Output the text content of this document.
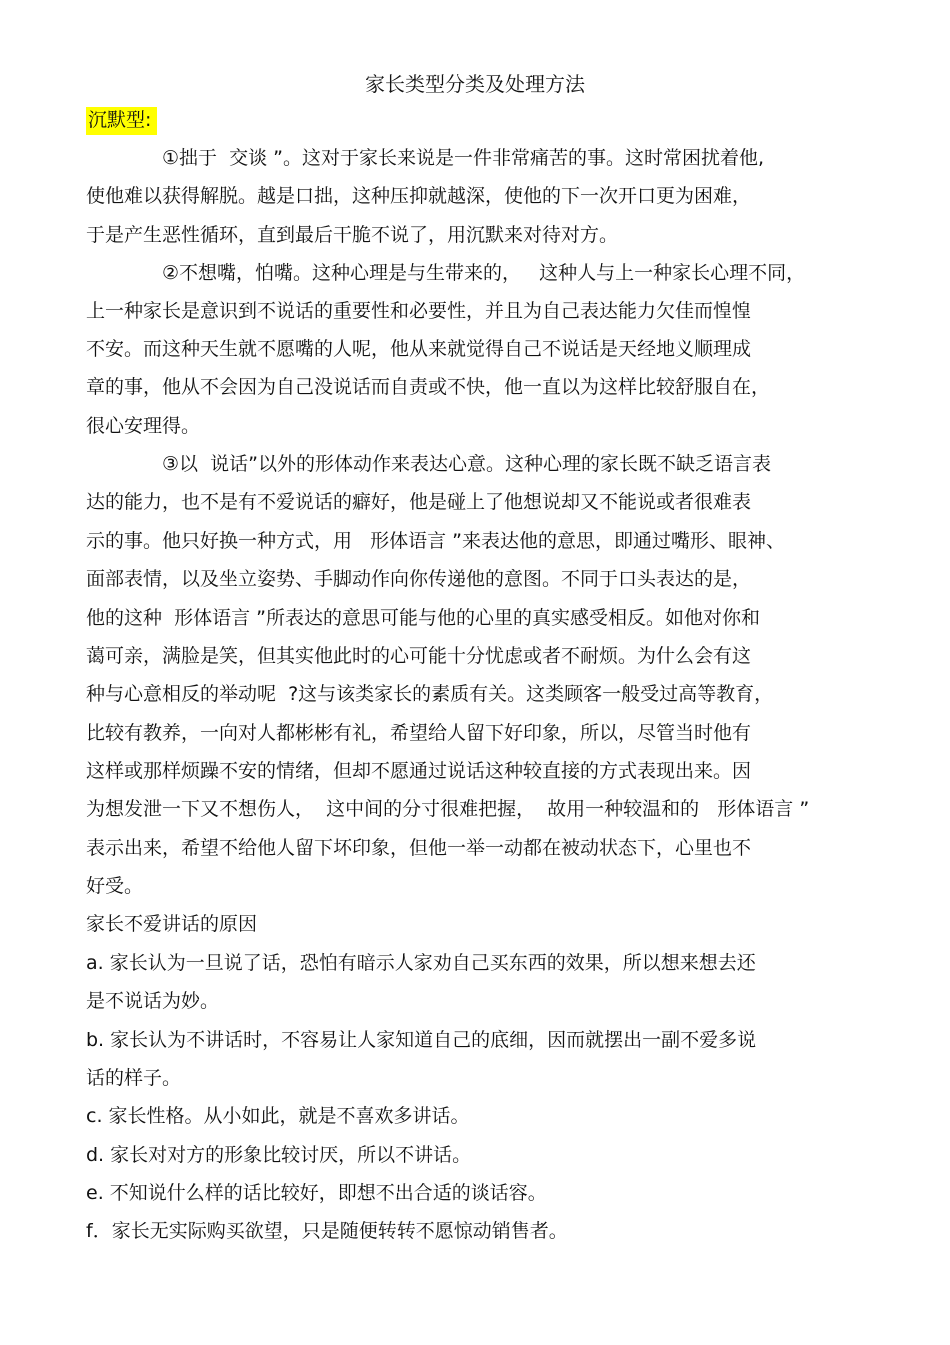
家长类型分类及处理方法

沉默型:

①拙于  交谈 ”。这对于家长来说是一件非常痛苦的事。这时常困扰着他,

使他难以获得解脱。越是口拙，这种压抑就越深，使他的下一次开口更为困难，

于是产生恶性循环，直到最后干脆不说了，用沉默来对待对方。

②不想嘴，怕嘴。这种心理是与生带来的，   这种人与上一种家长心理不同，

上一种家长是意识到不说话的重要性和必要性，并且为自己表达能力欠佳而惶惶

不安。而这种天生就不愿嘴的人呢，他从来就觉得自己不说话是天经地义顺理成

章的事，他从不会因为自己没说话而自责或不快，他一直以为这样比较舒服自在，

很心安理得。

③以  说话”以外的形体动作来表达心意。这种心理的家长既不缺乏语言表

达的能力，也不是有不爱说话的癖好，他是碰上了他想说却又不能说或者很难表

示的事。他只好换一种方式，用   形体语言 ”来表达他的意思，即通过嘴形、眼神、

面部表情，以及坐立姿势、手脚动作向你传递他的意图。不同于口头表达的是，

他的这种  形体语言 ”所表达的意思可能与他的心里的真实感受相反。如他对你和

蔼可亲，满脸是笑，但其实他此时的心可能十分忧虑或者不耐烦。为什么会有这

种与心意相反的举动呢  ?这与该类家长的素质有关。这类顾客一般受过高等教育，

比较有教养，一向对人都彬彬有礼，希望给人留下好印象，所以，尽管当时他有

这样或那样烦躁不安的情绪，但却不愿通过说话这种较直接的方式表现出来。因

为想发泄一下又不想伤人，  这中间的分寸很难把握，  故用一种较温和的   形体语言 ”

表示出来，希望不给他人留下坏印象，但他一举一动都在被动状态下，心里也不

好受。

家长不爱讲话的原因

a. 家长认为一旦说了话，恐怕有暗示人家劝自己买东西的效果，所以想来想去还

是不说话为妙。

b. 家长认为不讲话时，不容易让人家知道自己的底细，因而就摆出一副不爱多说

话的样子。

c. 家长性格。从小如此，就是不喜欢多讲话。

d. 家长对对方的形象比较讨厌，所以不讲话。

e. 不知说什么样的话比较好，即想不出合适的谈话容。

f．家长无实际购买欲望，只是随便转转不愿惊动销售者。
